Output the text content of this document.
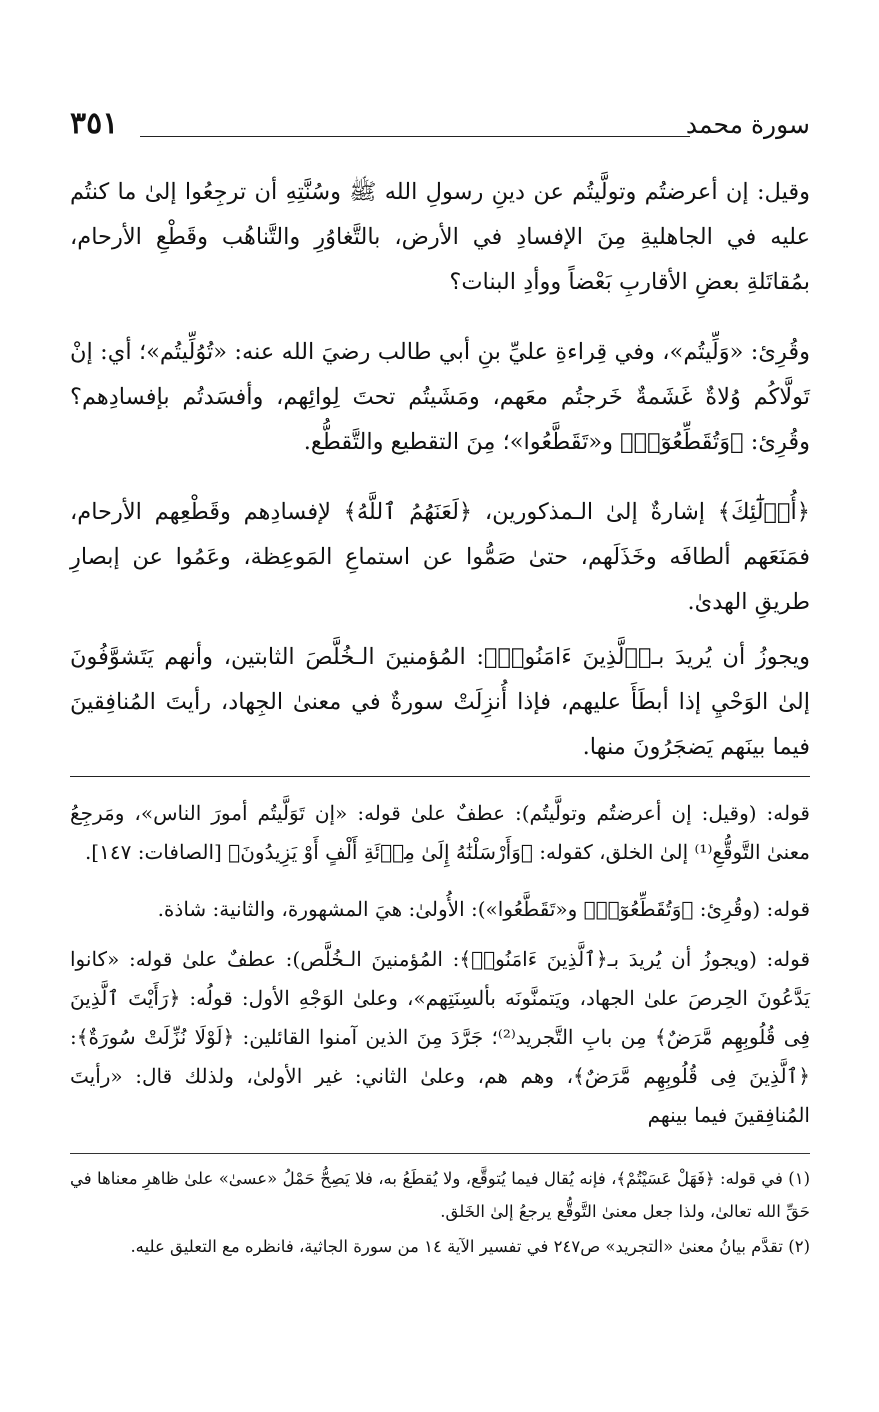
سورة محمد
٣٥١

وقيل: إن أعرضتُم وتولَّيتُم عن دينِ رسولِ الله ﷺ وسُنَّتِهِ أن ترجِعُوا إلىٰ ما كنتُم عليه في الجاهليةِ مِنَ الإفسادِ في الأرض، بالتَّغاوُرِ والتَّناهُب وقَطْعِ الأرحام، بمُقاتَلةِ بعضِ الأقاربِ بَعْضاً ووأدِ البنات؟

وقُرِئ: «وَلِّيتُم»، وفي قِراءةِ عليِّ بنِ أبي طالب رضيَ الله عنه: «تُوُلِّيتُم»؛ أي: إنْ تَولَّاكُم وُلاةٌ غَشَمةٌ خَرجتُم معَهم، ومَشَيتُم تحتَ لِوائِهم، وأفسَدتُم بإفسادِهم؟ وقُرِئ: ﴿وَتُقَطِّعُوٓا۟﴾ و«تَقَطَّعُوا»؛ مِنَ التقطيع والتَّقطُّع.

﴿أُو۟لَٰٓئِكَ﴾ إشارةٌ إلىٰ الـمذكورين، ﴿لَعَنَهُمُ ٱللَّهُ﴾ لإفسادِهم وقَطْعِهم الأرحام، فمَنَعَهم ألطافَه وخَذَلَهم، حتىٰ صَمُّوا عن استماعِ المَوعِظة، وعَمُوا عن إبصارِ طريقِ الهدىٰ.

ويجوزُ أن يُريدَ بـ﴿ٱلَّذِينَ ءَامَنُوا۟﴾: المُؤمنينَ الـخُلَّصَ الثابتين، وأنهم يَتَشوَّفُونَ إلىٰ الوَحْيِ إذا أبطَأَ عليهم، فإذا أُنزِلَتْ سورةٌ في معنىٰ الجِهاد، رأيتَ المُنافِقينَ فيما بينَهم يَضجَرُونَ منها.

قوله: (وقيل: إن أعرضتُم وتولَّيتُم): عطفٌ علىٰ قوله: «إن تَوَلَّيتُم أمورَ الناس»، ومَرجِعُ معنىٰ التَّوقُّعِ⁽¹⁾ إلىٰ الخلق، كقوله: ﴿وَأَرْسَلْنَٰهُ إِلَىٰ مِا۟ئَةِ أَلْفٍ أَوْ يَزِيدُونَ﴾ [الصافات: ١٤٧].

قوله: (وقُرِئ: ﴿وَتُقَطِّعُوٓا۟﴾ و«تَقَطَّعُوا»): الأُولىٰ: هيَ المشهورة، والثانية: شاذة.

قوله: (ويجوزُ أن يُريدَ بـ﴿ٱلَّذِينَ ءَامَنُوا۟﴾: المُؤمنينَ الـخُلَّص): عطفٌ علىٰ قوله: «كانوا يَدَّعُونَ الحِرصَ علىٰ الجهاد، ويَتمنَّونَه بألسِنَتِهم»، وعلىٰ الوَجْهِ الأول: قولُه: ﴿رَأَيْتَ ٱلَّذِينَ فِى قُلُوبِهِم مَّرَضٌ﴾ مِن بابِ التَّجريد⁽²⁾؛ جَرَّدَ مِنَ الذين آمنوا القائلين: ﴿لَوْلَا نُزِّلَتْ سُورَةٌ﴾: ﴿ٱلَّذِينَ فِى قُلُوبِهِم مَّرَضٌ﴾، وهم هم، وعلىٰ الثاني: غير الأولىٰ، ولذلك قال: «رأيتَ المُنافِقينَ فيما بينهم

(١) في قوله: ﴿فَهَلْ عَسَيْتُمْ﴾، فإنه يُقال فيما يُتوقَّع، ولا يُقطَعُ به، فلا يَصِحُّ حَمْلُ «عسىٰ» علىٰ ظاهرِ معناها في حَقِّ الله تعالىٰ، ولذا جعل معنىٰ التَّوقُّع يرجعُ إلىٰ الخَلق.

(٢) تقدَّم بيانُ معنىٰ «التجريد» ص٢٤٧ في تفسير الآية ١٤ من سورة الجاثية، فانظره مع التعليق عليه.
